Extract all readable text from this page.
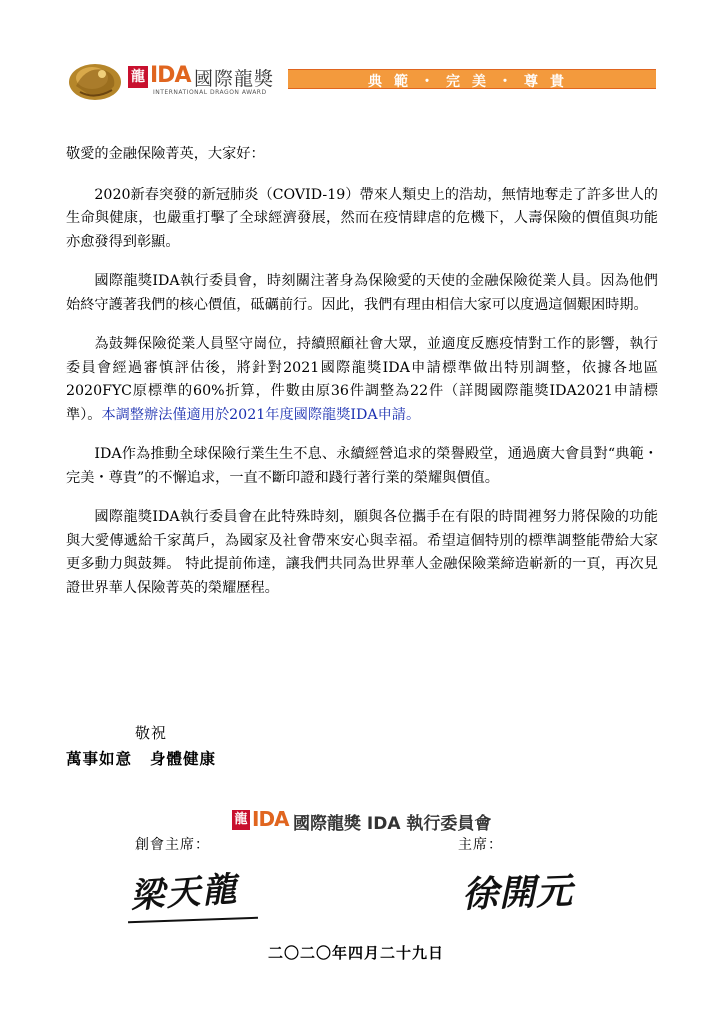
龍 IDA 國際龍獎
INTERNATIONAL DRAGON AWARD
典範・完美・尊貴

敬愛的金融保險菁英，大家好：

2020新春突發的新冠肺炎（COVID-19）帶來人類史上的浩劫，無情地奪走了許多世人的生命與健康，也嚴重打擊了全球經濟發展，然而在疫情肆虐的危機下，人壽保險的價值與功能亦愈發得到彰顯。

國際龍獎IDA執行委員會，時刻關注著身為保險愛的天使的金融保險從業人員。因為他們始終守護著我們的核心價值，砥礪前行。因此，我們有理由相信大家可以度過這個艱困時期。

為鼓舞保險從業人員堅守崗位，持續照顧社會大眾，並適度反應疫情對工作的影響，執行委員會經過審慎評估後，將針對2021國際龍獎IDA申請標準做出特別調整，依據各地區2020FYC原標準的60%折算，件數由原36件調整為22件（詳閱國際龍獎IDA2021申請標準）。本調整辦法僅適用於2021年度國際龍獎IDA申請。

IDA作為推動全球保險行業生生不息、永續經營追求的榮譽殿堂，通過廣大會員對“典範・完美・尊貴”的不懈追求，一直不斷印證和踐行著行業的榮耀與價值。

國際龍獎IDA執行委員會在此特殊時刻，願與各位攜手在有限的時間裡努力將保險的功能與大愛傳遞給千家萬戶，為國家及社會帶來安心與幸福。希望這個特別的標準調整能帶給大家更多動力與鼓舞。 特此提前佈達，讓我們共同為世界華人金融保險業締造嶄新的一頁，再次見證世界華人保險菁英的榮耀歷程。

敬祝
萬事如意 身體健康
龍 IDA 國際龍獎 IDA 執行委員會
創會主席：	主席：
梁天龍	徐開元
二〇二〇年四月二十九日
